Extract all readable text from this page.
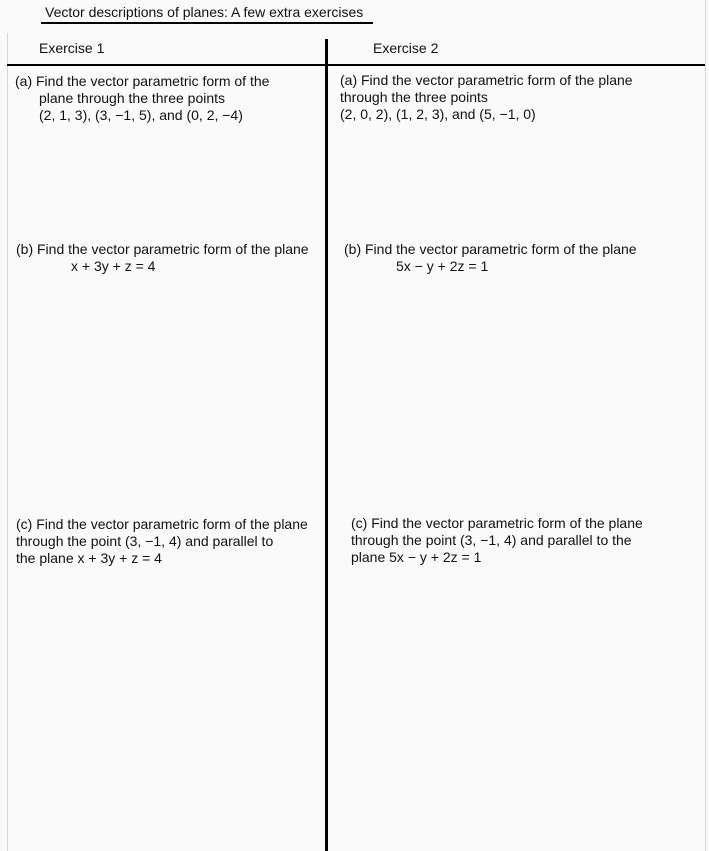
Vector descriptions of planes: A few extra exercises
Exercise 1	Exercise 2
(a) Find the vector parametric form of the
plane through the three points
(2, 1, 3), (3, −1, 5), and (0, 2, −4)
(b) Find the vector parametric form of the plane
x + 3y + z = 4
(c) Find the vector parametric form of the plane
through the point (3, −1, 4) and parallel to
the plane x + 3y + z = 4
(a) Find the vector parametric form of the plane
through the three points
(2, 0, 2), (1, 2, 3), and (5, −1, 0)
(b) Find the vector parametric form of the plane
5x − y + 2z = 1
(c) Find the vector parametric form of the plane
through the point (3, −1, 4) and parallel to the
plane 5x − y + 2z = 1
